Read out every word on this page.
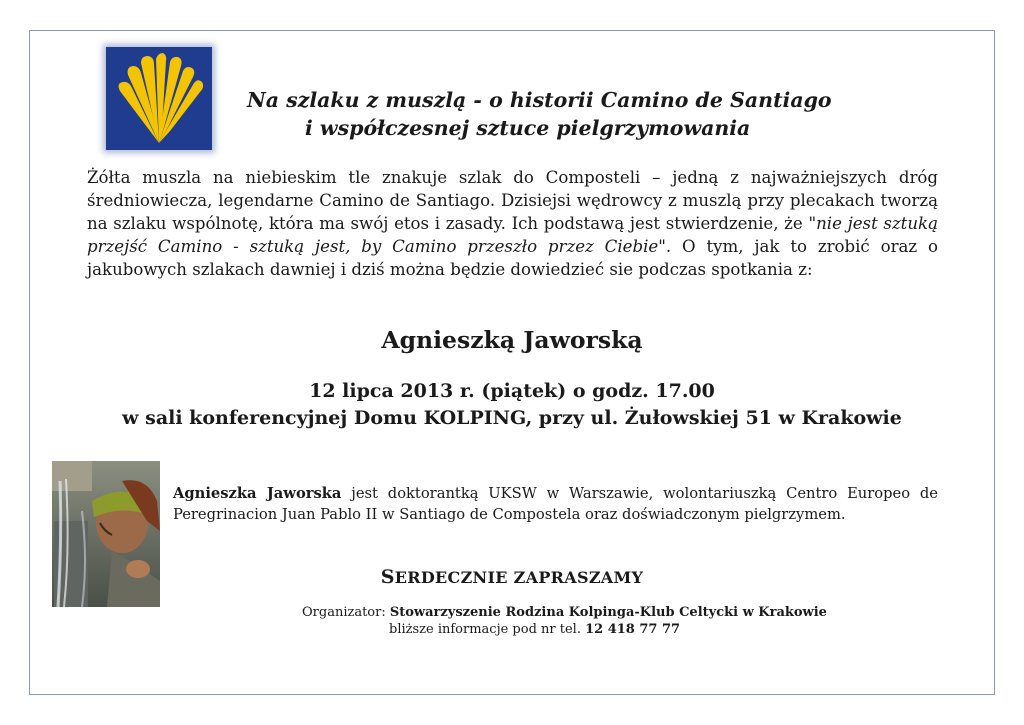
Na szlaku z muszlą - o historii Camino de Santiago
i współczesnej sztuce pielgrzymowania

Żółta muszla na niebieskim tle znakuje szlak do Composteli – jedną z najważniejszych dróg średniowiecza, legendarne Camino de Santiago. Dzisiejsi wędrowcy z muszlą przy plecakach tworzą na szlaku wspólnotę, która ma swój etos i zasady. Ich podstawą jest stwierdzenie, że "nie jest sztuką przejść Camino - sztuką jest, by Camino przeszło przez Ciebie". O tym, jak to zrobić oraz o jakubowych szlakach dawniej i dziś można będzie dowiedzieć sie podczas spotkania z:

Agnieszką Jaworską
12 lipca 2013 r. (piątek) o godz. 17.00
w sali konferencyjnej Domu KOLPING, przy ul. Żułowskiej 51 w Krakowie

Agnieszka Jaworska jest doktorantką UKSW w Warszawie, wolontariuszką Centro Europeo de Peregrinacion Juan Pablo II w Santiago de Compostela oraz doświadczonym pielgrzymem.

SERDECZNIE ZAPRASZAMY
Organizator: Stowarzyszenie Rodzina Kolpinga-Klub Celtycki w Krakowie
bliższe informacje pod nr tel. 12 418 77 77
